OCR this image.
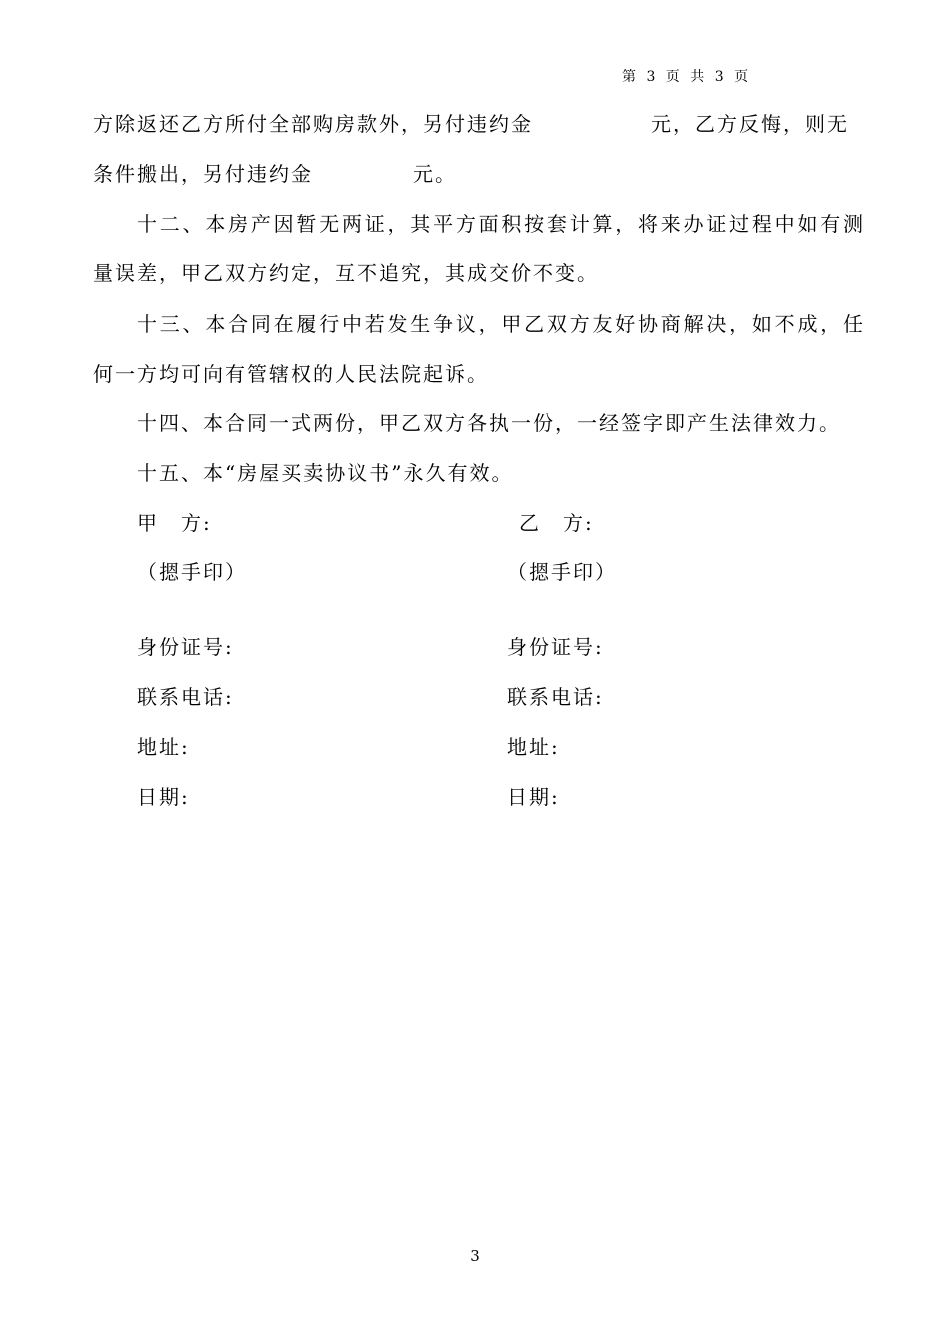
第 3 页 共 3 页
方除返还乙方所付全部购房款外，另付违约金	元，乙方反悔，则无
条件搬出，另付违约金	元。
十二、本房产因暂无两证，其平方面积按套计算，将来办证过程中如有测
量误差，甲乙双方约定，互不追究，其成交价不变。
十三、本合同在履行中若发生争议，甲乙双方友好协商解决，如不成，任
何一方均可向有管辖权的人民法院起诉。
十四、本合同一式两份，甲乙双方各执一份，一经签字即产生法律效力。
十五、本“房屋买卖协议书”永久有效。
甲　方:
（摁手印）
身份证号:
联系电话:
地址:
日期:
乙　方:
（摁手印）
身份证号:
联系电话:
地址:
日期:
3
